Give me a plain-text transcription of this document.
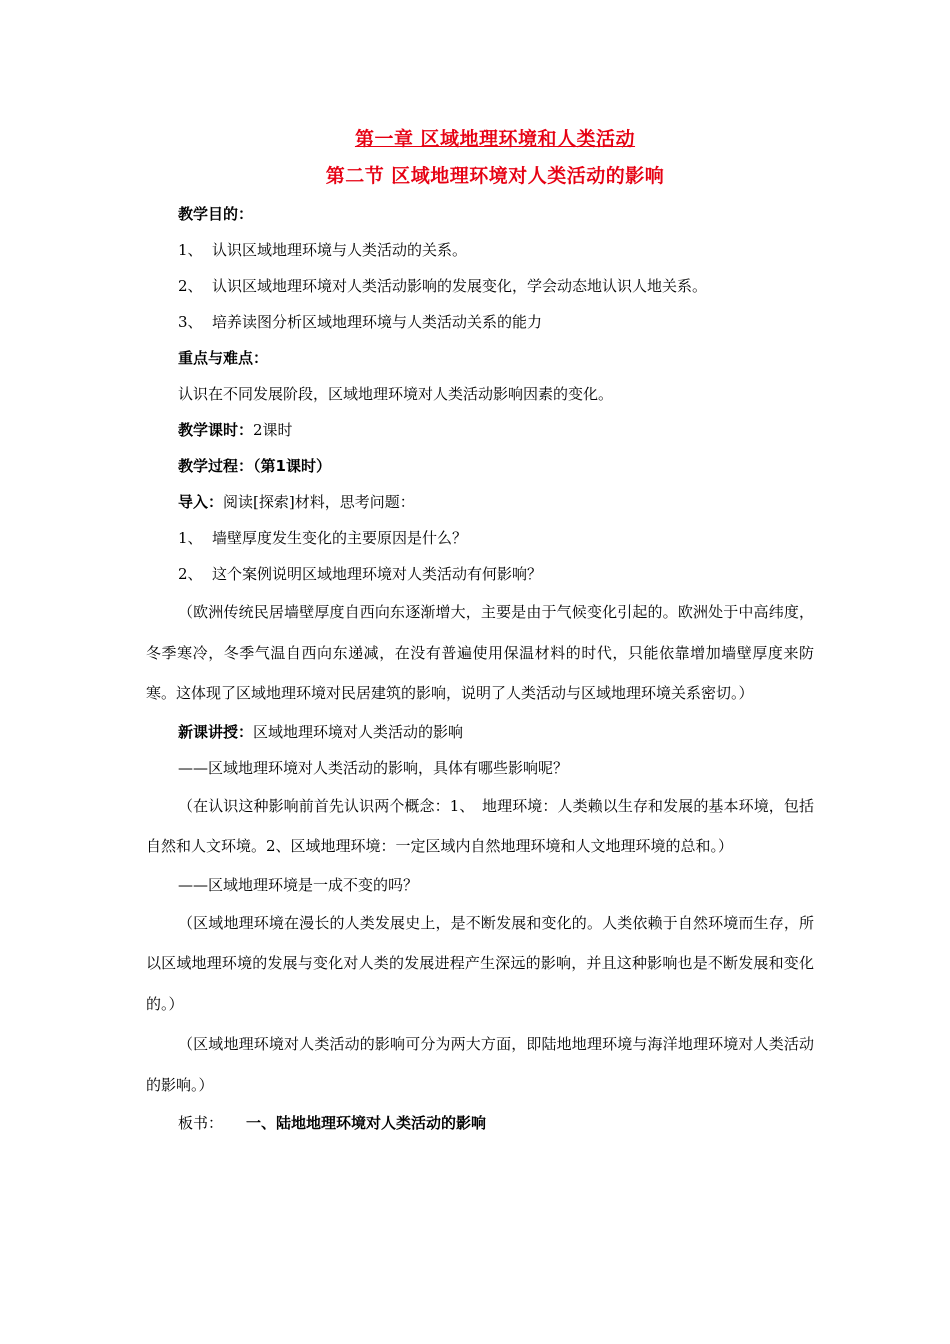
第一章 区域地理环境和人类活动
第二节 区域地理环境对人类活动的影响
教学目的：
1、 认识区域地理环境与人类活动的关系。
2、 认识区域地理环境对人类活动影响的发展变化，学会动态地认识人地关系。
3、 培养读图分析区域地理环境与人类活动关系的能力
重点与难点：
认识在不同发展阶段，区域地理环境对人类活动影响因素的变化。
教学课时：2课时
教学过程：（第1课时）
导入：阅读[探索]材料，思考问题：
1、 墙壁厚度发生变化的主要原因是什么？
2、 这个案例说明区域地理环境对人类活动有何影响？
（欧洲传统民居墙壁厚度自西向东逐渐增大，主要是由于气候变化引起的。欧洲处于中高纬度，冬季寒冷，冬季气温自西向东递减，在没有普遍使用保温材料的时代，只能依靠增加墙壁厚度来防寒。这体现了区域地理环境对民居建筑的影响，说明了人类活动与区域地理环境关系密切。）
新课讲授：区域地理环境对人类活动的影响
——区域地理环境对人类活动的影响，具体有哪些影响呢？
（在认识这种影响前首先认识两个概念：1、　地理环境：人类赖以生存和发展的基本环境，包括自然和人文环境。2、区域地理环境：一定区域内自然地理环境和人文地理环境的总和。）
——区域地理环境是一成不变的吗？
（区域地理环境在漫长的人类发展史上，是不断发展和变化的。人类依赖于自然环境而生存，所以区域地理环境的发展与变化对人类的发展进程产生深远的影响，并且这种影响也是不断发展和变化的。）
（区域地理环境对人类活动的影响可分为两大方面，即陆地地理环境与海洋地理环境对人类活动的影响。）
板书： 一、陆地地理环境对人类活动的影响
